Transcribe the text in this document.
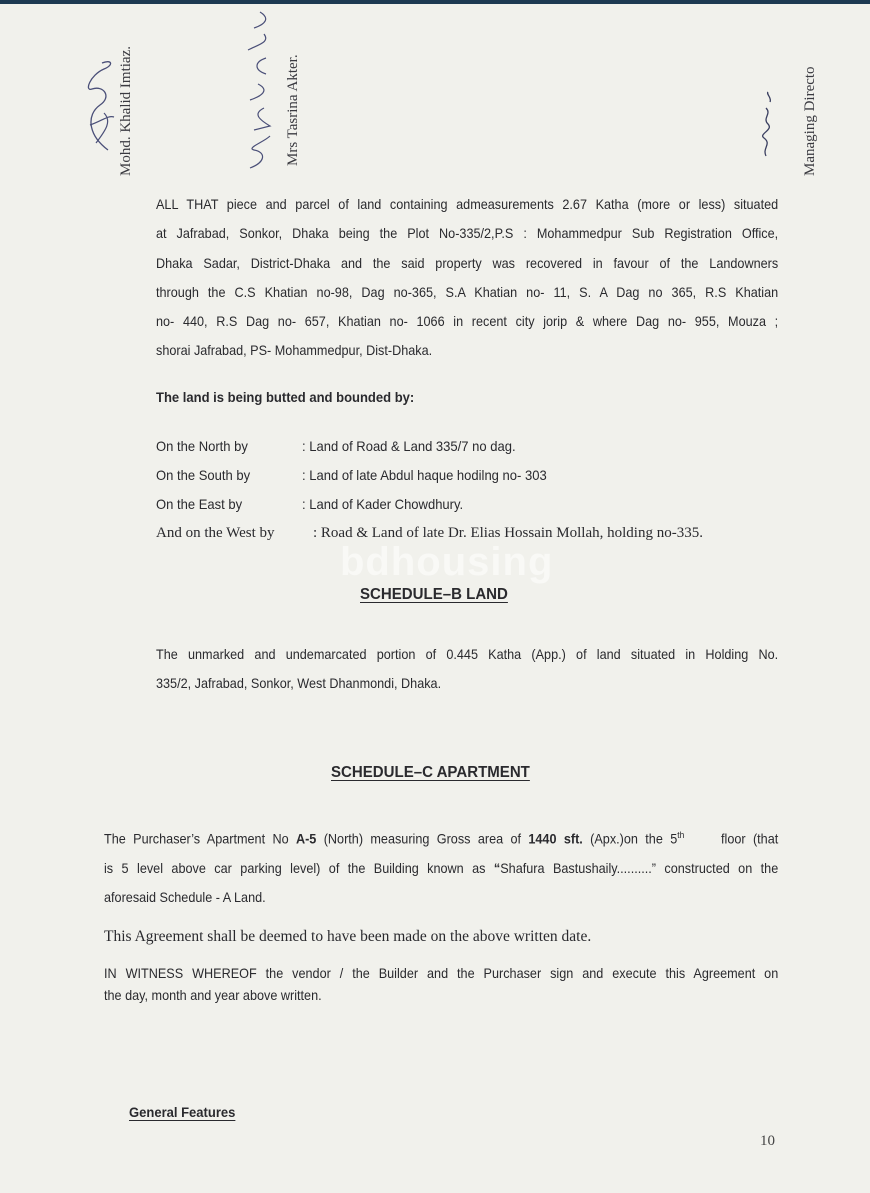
Mohd. Khalid Imtiaz.	Mrs Tasrina Akter.	Managing Directo
ALL THAT piece and parcel of land containing admeasurements 2.67 Katha (more or less) situated
at Jafrabad, Sonkor, Dhaka being the Plot No-335/2,P.S : Mohammedpur Sub Registration Office,
Dhaka Sadar, District-Dhaka and the said property was recovered in favour of the Landowners
through the C.S Khatian no-98, Dag no-365, S.A Khatian no- 11, S. A Dag no 365, R.S Khatian
no- 440, R.S Dag no- 657, Khatian no- 1066 in recent city jorip & where Dag no- 955, Mouza ;
shorai Jafrabad, PS- Mohammedpur, Dist-Dhaka.
The land is being butted and bounded by:
On the North by	: Land of Road & Land 335/7 no dag.
On the South by	: Land of late Abdul haque hodilng no- 303
On the East by	: Land of Kader Chowdhury.
And on the West by	: Road & Land of late Dr. Elias Hossain Mollah, holding no-335.
bdhousing
SCHEDULE–B LAND
The unmarked and undemarcated portion of 0.445 Katha (App.) of land situated in Holding No.
335/2, Jafrabad, Sonkor, West Dhanmondi, Dhaka.
SCHEDULE–C APARTMENT
The Purchaser’s Apartment No A-5 (North) measuring Gross area of 1440 sft. (Apx.)on the 5th     floor (that
is 5 level above car parking level) of the Building known as “Shafura Bastushaily..........” constructed on the
aforesaid Schedule - A Land.
This Agreement shall be deemed to have been made on the above written date.
IN WITNESS WHEREOF the vendor / the Builder and the Purchaser sign and execute this Agreement on
the day, month and year above written.
General Features
10
